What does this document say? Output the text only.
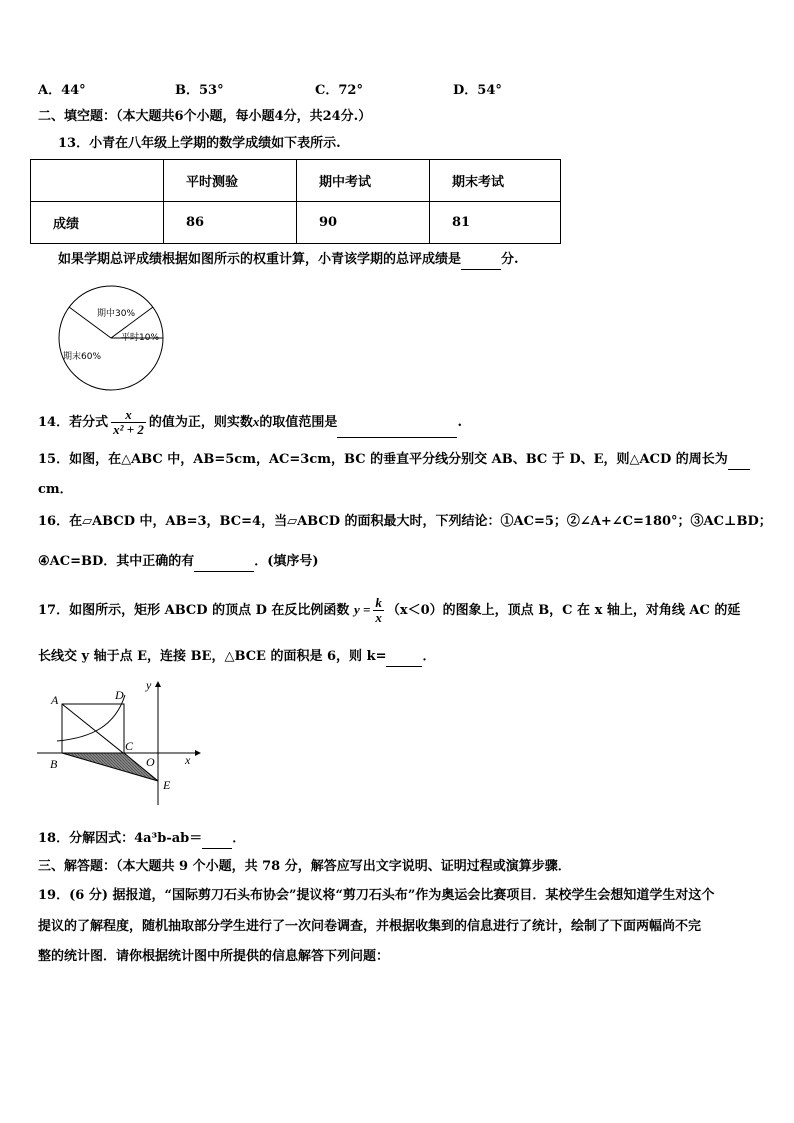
A．44°	B．53°	C．72°	D．54°
二、填空题：（本大题共6个小题，每小题4分，共24分.）
13．小青在八年级上学期的数学成绩如下表所示.
	平时测验	期中考试	期末考试
成绩	86	90	81
如果学期总评成绩根据如图所示的权重计算，小青该学期的总评成绩是	分.
期中30%
平时10%
期末60%
14．若分式 $\frac{x}{\text{x² + 2}}$ 的值为正，则实数x的取值范围是	.
15．如图，在△ABC 中，AB=5cm，AC=3cm，BC 的垂直平分线分别交 AB、BC 于 D、E，则△ACD 的周长为
cm．
16．在▱ABCD 中，AB=3，BC=4，当▱ABCD 的面积最大时，下列结论：①AC=5；②∠A+∠C=180°；③AC⊥BD；
④AC=BD．其中正确的有	．(填序号)
17．如图所示，矩形 ABCD 的顶点 D 在反比例函数 $y = \frac{k}{x} (x<0)$的图象上，顶点 B，C 在 x 轴上，对角线 AC 的延
长线交 y 轴于点 E，连接 BE，△BCE 的面积是 6，则 k=	．
A	D
B
C
O
E
x
y
18．分解因式：4a³b-ab＝ ．
三、解答题：（本大题共 9 个小题，共 78 分，解答应写出文字说明、证明过程或演算步骤．
19．(6 分) 据报道，“国际剪刀石头布协会”提议将“剪刀石头布”作为奥运会比赛项目．某校学生会想知道学生对这个
提议的了解程度，随机抽取部分学生进行了一次问卷调查，并根据收集到的信息进行了统计，绘制了下面两幅尚不完
整的统计图．请你根据统计图中所提供的信息解答下列问题：
